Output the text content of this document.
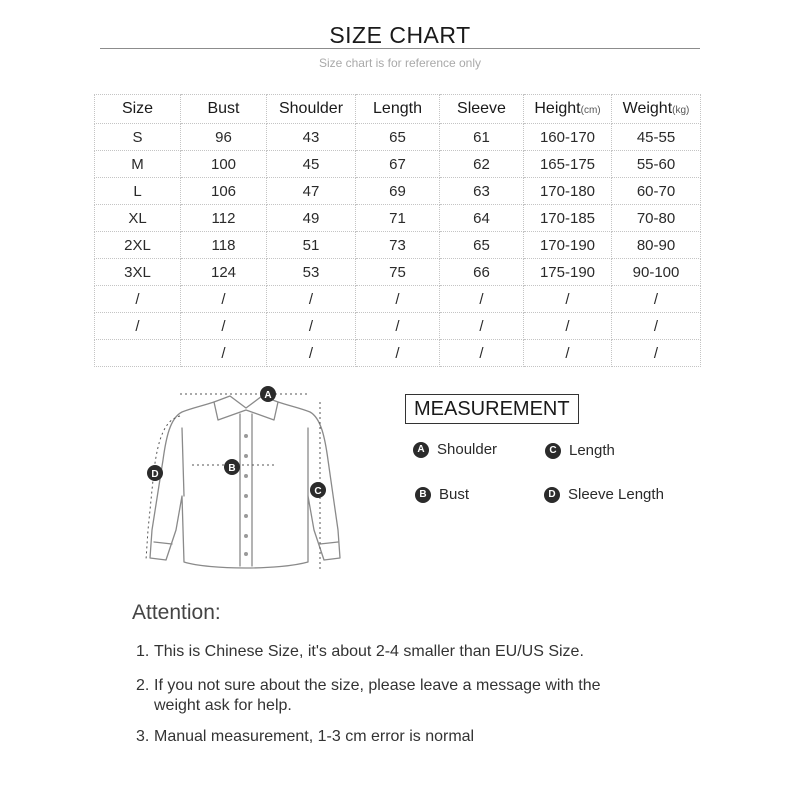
SIZE CHART
Size chart is for reference only
Size	Bust	Shoulder	Length	Sleeve	Height(cm)	Weight(kg)
S	96	43	65	61	160-170	45-55
M	100	45	67	62	165-175	55-60
L	106	47	69	63	170-180	60-70
XL	112	49	71	64	170-185	70-80
2XL	118	51	73	65	170-190	80-90
3XL	124	53	75	66	175-190	90-100
/	/	/	/	/	/	/
/	/	/	/	/	/	/
	/	/	/	/	/	/
A
B
C
D
MEASUREMENT
A Shoulder	C Length
B Bust	D Sleeve Length
Attention:
1. This is Chinese Size, it's about 2-4 smaller than EU/US Size.
2. If you not sure about the size, please leave a message with the
weight ask for help.
3. Manual measurement, 1-3 cm error is normal
